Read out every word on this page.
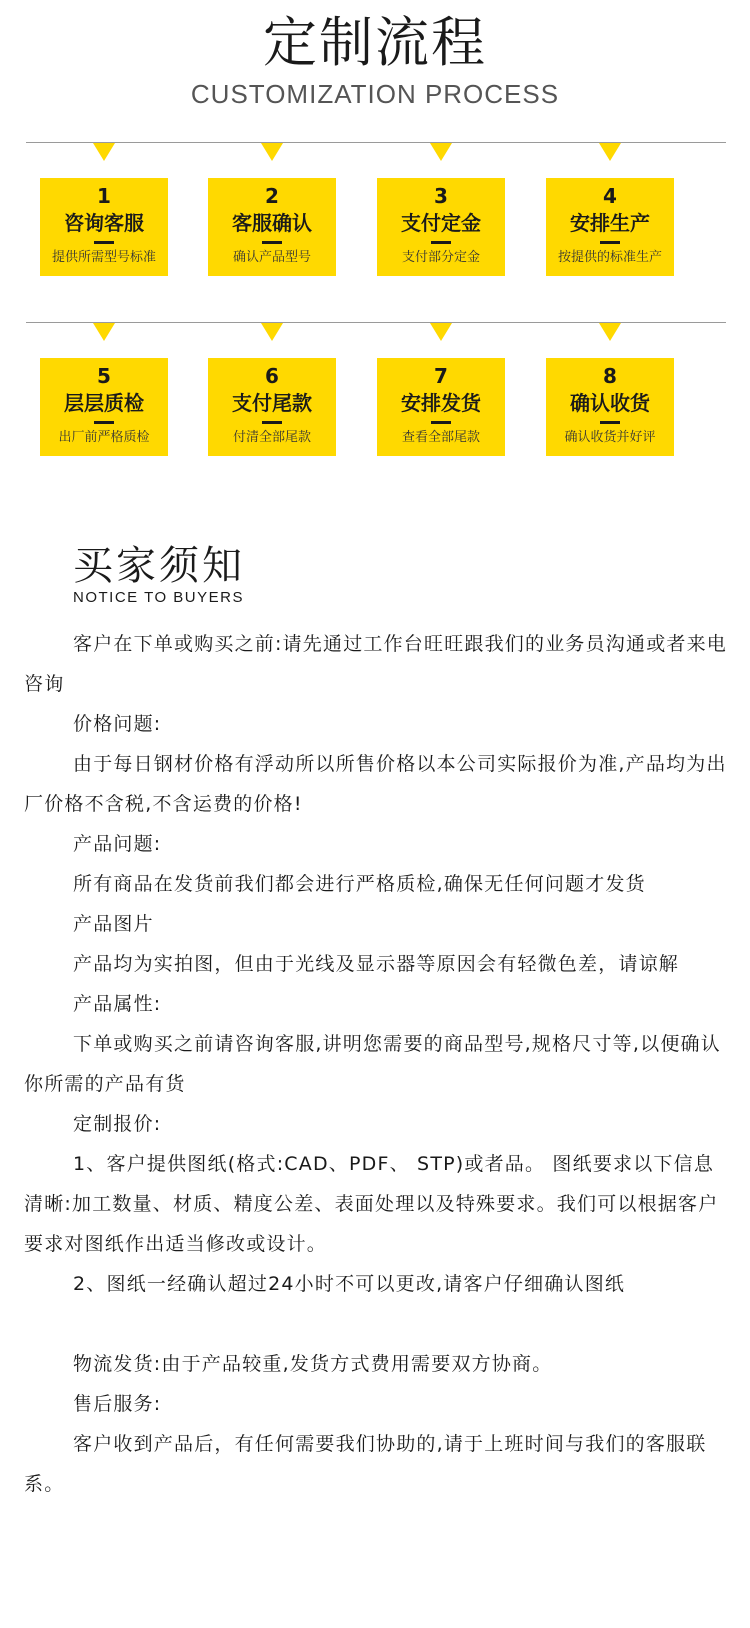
定制流程
CUSTOMIZATION PROCESS
1
咨询客服
提供所需型号标准
2
客服确认
确认产品型号
3
支付定金
支付部分定金
4
安排生产
按提供的标准生产
5
层层质检
出厂前严格质检
6
支付尾款
付清全部尾款
7
安排发货
查看全部尾款
8
确认收货
确认收货并好评
买家须知
NOTICE TO BUYERS

客户在下单或购买之前:请先通过工作台旺旺跟我们的业务员沟通或者来电咨询

价格问题:

由于每日钢材价格有浮动所以所售价格以本公司实际报价为准,产品均为出厂价格不含税,不含运费的价格!

产品问题:

所有商品在发货前我们都会进行严格质检,确保无任何问题才发货

产品图片

产品均为实拍图，但由于光线及显示器等原因会有轻微色差，请谅解

产品属性:

下单或购买之前请咨询客服,讲明您需要的商品型号,规格尺寸等,以便确认你所需的产品有货

定制报价:

1、客户提供图纸(格式:CAD、PDF、 STP)或者品。 图纸要求以下信息清晰:加工数量、材质、精度公差、表面处理以及特殊要求。我们可以根据客户要求对图纸作出适当修改或设计。

2、图纸一经确认超过24小时不可以更改,请客户仔细确认图纸

物流发货:由于产品较重,发货方式费用需要双方协商。

售后服务:

客户收到产品后，有任何需要我们协助的,请于上班时间与我们的客服联系。
